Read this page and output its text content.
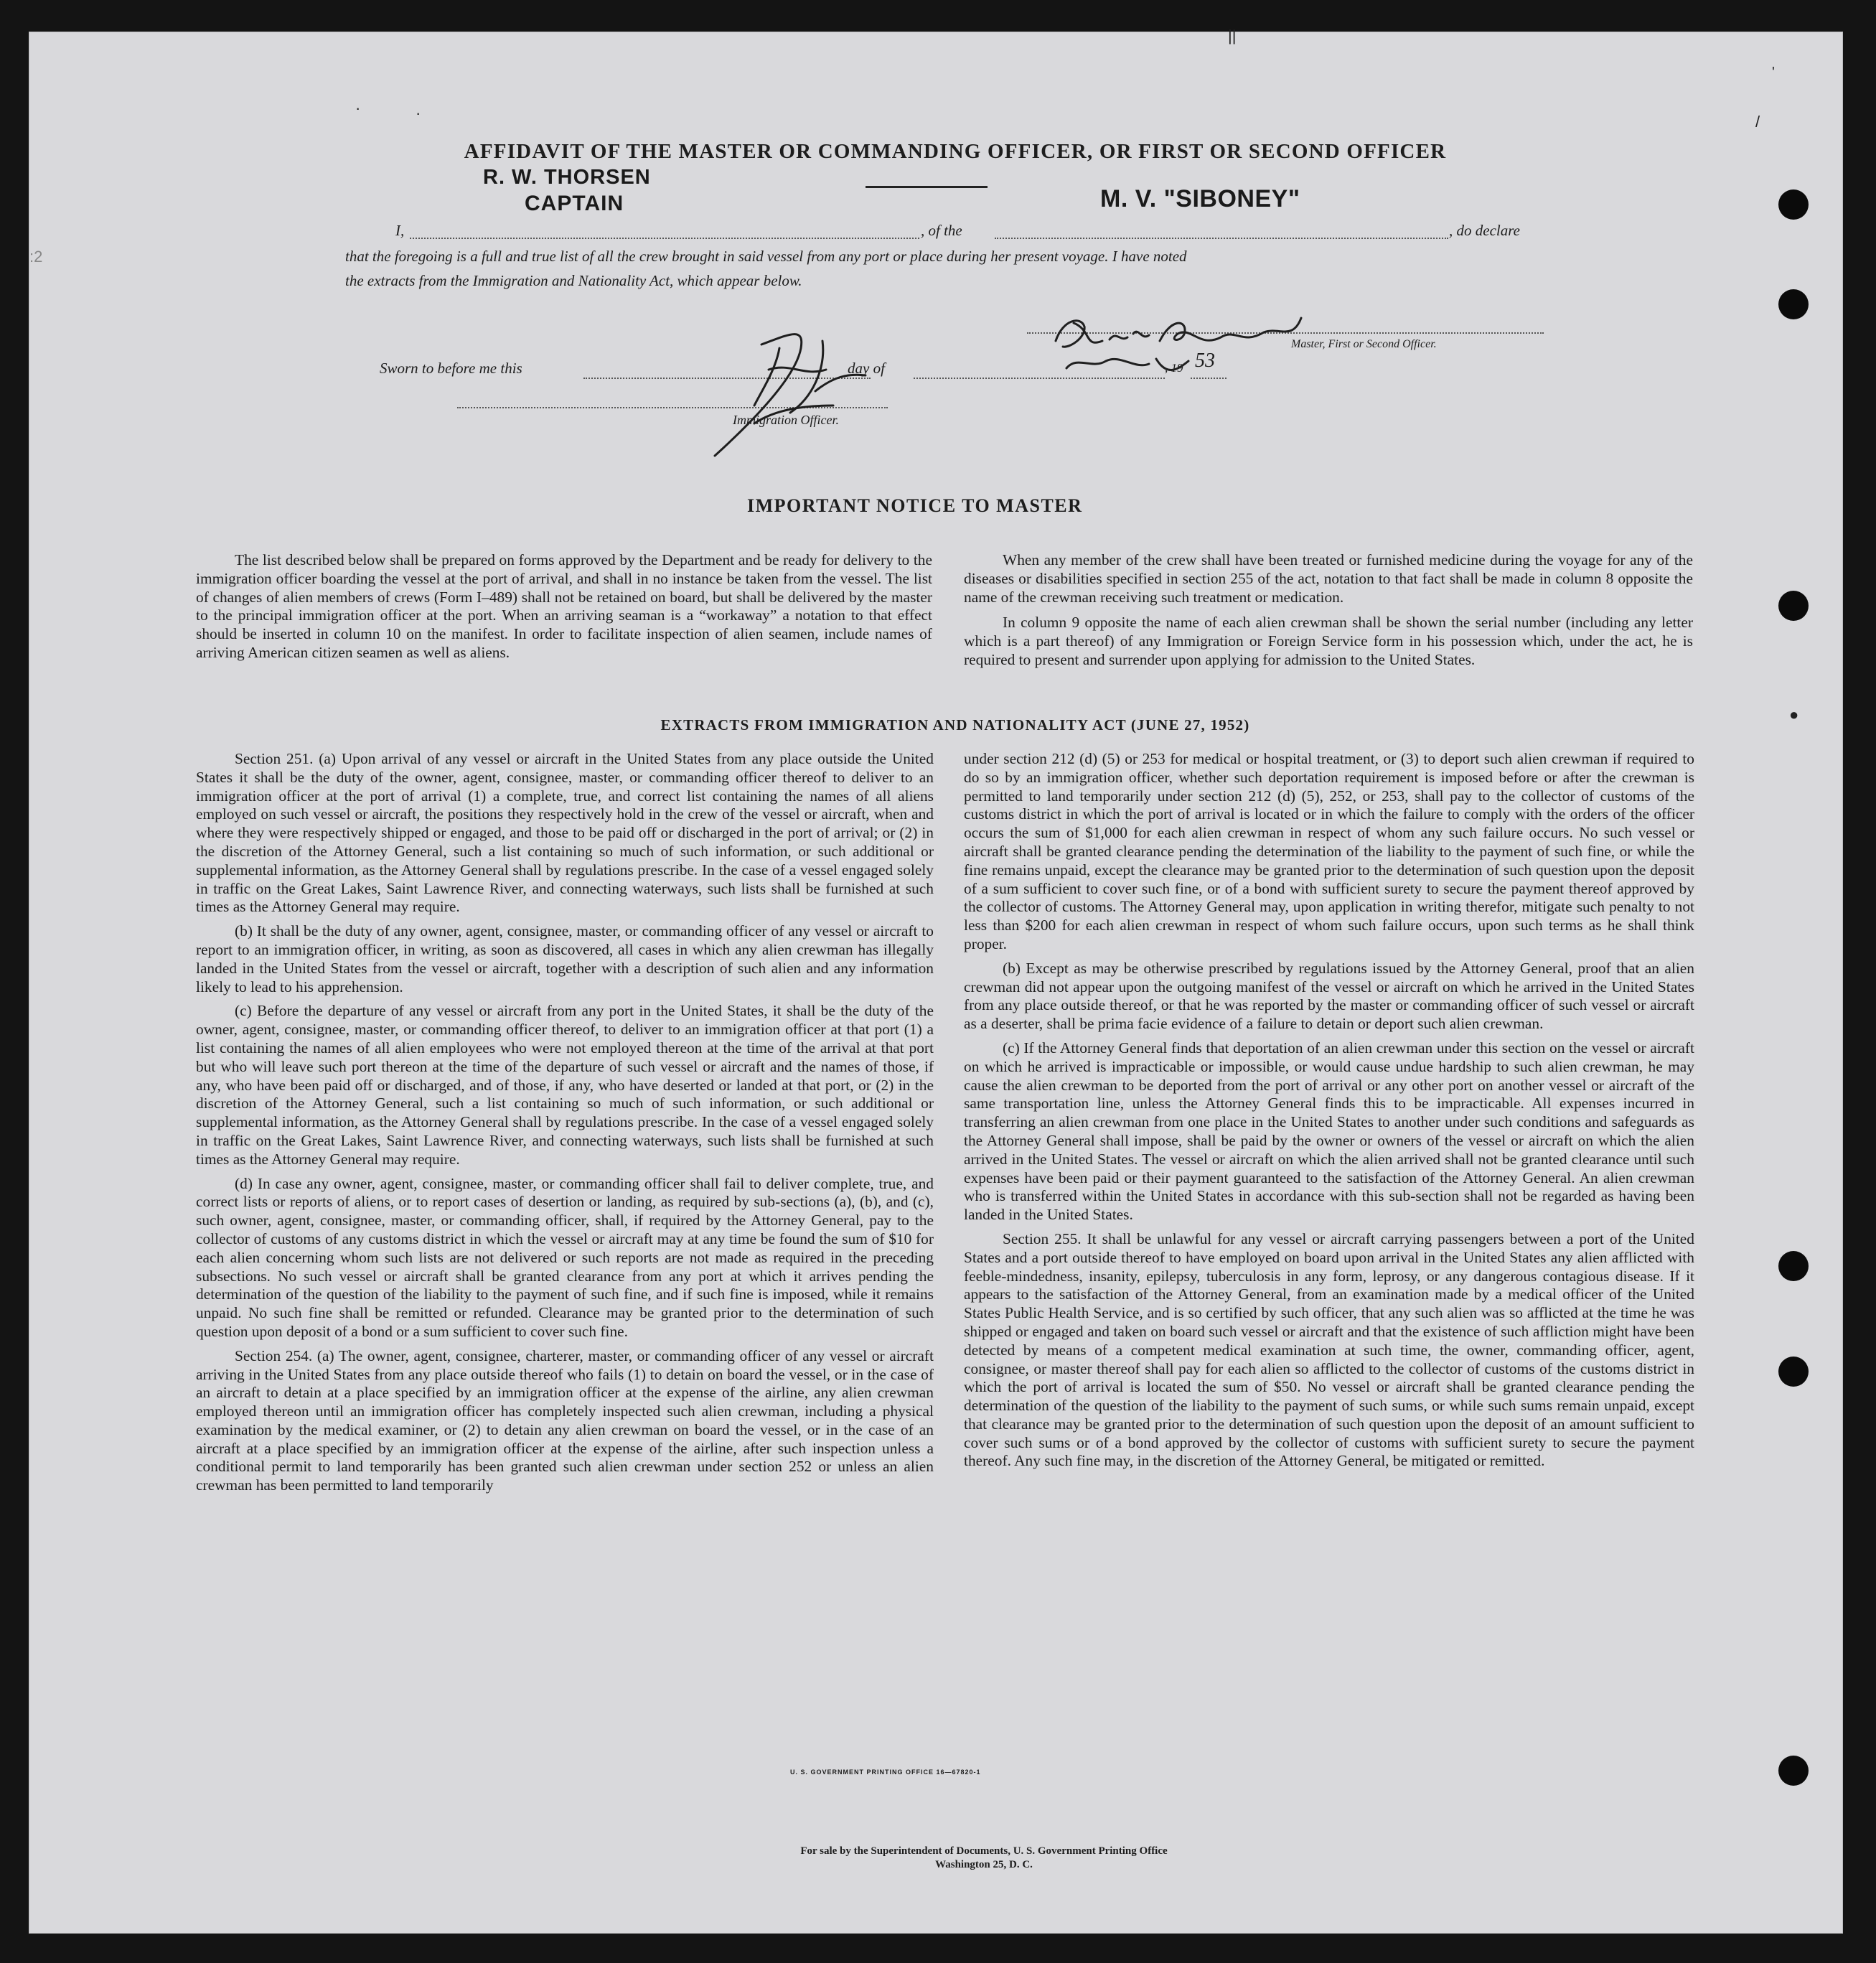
||
'
/
·	·
:2
●
AFFIDAVIT OF THE MASTER OR COMMANDING OFFICER, OR FIRST OR SECOND OFFICER
R. W. THORSEN
CAPTAIN	M. V. "SIBONEY"
I,	, of the	, do declare
that the foregoing is a full and true list of all the crew brought in said vessel from any port or place during her present voyage. I have noted
the extracts from the Immigration and Nationality Act, which appear below.
Master, First or Second Officer.
Sworn to before me this	day of	, 19 53
Immigration Officer.
IMPORTANT NOTICE TO MASTER

The list described below shall be prepared on forms approved by the Department and be ready for delivery to the immigration officer boarding the vessel at the port of arrival, and shall in no instance be taken from the vessel. The list of changes of alien members of crews (Form I–489) shall not be retained on board, but shall be delivered by the master to the principal immigration officer at the port. When an arriving seaman is a “workaway” a notation to that effect should be inserted in column 10 on the manifest. In order to facilitate inspection of alien seamen, include names of arriving American citizen seamen as well as aliens.

When any member of the crew shall have been treated or furnished medicine during the voyage for any of the diseases or disabilities specified in section 255 of the act, notation to that fact shall be made in column 8 opposite the name of the crewman receiving such treatment or medication.

In column 9 opposite the name of each alien crewman shall be shown the serial number (including any letter which is a part thereof) of any Immigration or Foreign Service form in his possession which, under the act, he is required to present and surrender upon applying for admission to the United States.

EXTRACTS FROM IMMIGRATION AND NATIONALITY ACT (JUNE 27, 1952)

Section 251. (a) Upon arrival of any vessel or aircraft in the United States from any place outside the United States it shall be the duty of the owner, agent, consignee, master, or commanding officer thereof to deliver to an immigration officer at the port of arrival (1) a complete, true, and correct list containing the names of all aliens employed on such vessel or aircraft, the positions they respectively hold in the crew of the vessel or aircraft, when and where they were respectively shipped or engaged, and those to be paid off or discharged in the port of arrival; or (2) in the discretion of the Attorney General, such a list containing so much of such information, or such additional or supplemental information, as the Attorney General shall by regulations prescribe. In the case of a vessel engaged solely in traffic on the Great Lakes, Saint Lawrence River, and connecting waterways, such lists shall be furnished at such times as the Attorney General may require.

(b) It shall be the duty of any owner, agent, consignee, master, or commanding officer of any vessel or aircraft to report to an immigration officer, in writing, as soon as discovered, all cases in which any alien crewman has illegally landed in the United States from the vessel or aircraft, together with a description of such alien and any information likely to lead to his apprehension.

(c) Before the departure of any vessel or aircraft from any port in the United States, it shall be the duty of the owner, agent, consignee, master, or commanding officer thereof, to deliver to an immigration officer at that port (1) a list containing the names of all alien employees who were not employed thereon at the time of the arrival at that port but who will leave such port thereon at the time of the departure of such vessel or aircraft and the names of those, if any, who have been paid off or discharged, and of those, if any, who have deserted or landed at that port, or (2) in the discretion of the Attorney General, such a list containing so much of such information, or such additional or supplemental information, as the Attorney General shall by regulations prescribe. In the case of a vessel engaged solely in traffic on the Great Lakes, Saint Lawrence River, and connecting waterways, such lists shall be furnished at such times as the Attorney General may require.

(d) In case any owner, agent, consignee, master, or commanding officer shall fail to deliver complete, true, and correct lists or reports of aliens, or to report cases of desertion or landing, as required by sub-sections (a), (b), and (c), such owner, agent, consignee, master, or commanding officer, shall, if required by the Attorney General, pay to the collector of customs of any customs district in which the vessel or aircraft may at any time be found the sum of $10 for each alien concerning whom such lists are not delivered or such reports are not made as required in the preceding subsections. No such vessel or aircraft shall be granted clearance from any port at which it arrives pending the determination of the question of the liability to the payment of such fine, and if such fine is imposed, while it remains unpaid. No such fine shall be remitted or refunded. Clearance may be granted prior to the determination of such question upon deposit of a bond or a sum sufficient to cover such fine.

Section 254. (a) The owner, agent, consignee, charterer, master, or commanding officer of any vessel or aircraft arriving in the United States from any place outside thereof who fails (1) to detain on board the vessel, or in the case of an aircraft to detain at a place specified by an immigration officer at the expense of the airline, any alien crewman employed thereon until an immigration officer has completely inspected such alien crewman, including a physical examination by the medical examiner, or (2) to detain any alien crewman on board the vessel, or in the case of an aircraft at a place specified by an immigration officer at the expense of the airline, after such inspection unless a conditional permit to land temporarily has been granted such alien crewman under section 252 or unless an alien crewman has been permitted to land temporarily

under section 212 (d) (5) or 253 for medical or hospital treatment, or (3) to deport such alien crewman if required to do so by an immigration officer, whether such deportation requirement is imposed before or after the crewman is permitted to land temporarily under section 212 (d) (5), 252, or 253, shall pay to the collector of customs of the customs district in which the port of arrival is located or in which the failure to comply with the orders of the officer occurs the sum of $1,000 for each alien crewman in respect of whom any such failure occurs. No such vessel or aircraft shall be granted clearance pending the determination of the liability to the payment of such fine, or while the fine remains unpaid, except the clearance may be granted prior to the determination of such question upon the deposit of a sum sufficient to cover such fine, or of a bond with sufficient surety to secure the payment thereof approved by the collector of customs. The Attorney General may, upon application in writing therefor, mitigate such penalty to not less than $200 for each alien crewman in respect of whom such failure occurs, upon such terms as he shall think proper.

(b) Except as may be otherwise prescribed by regulations issued by the Attorney General, proof that an alien crewman did not appear upon the outgoing manifest of the vessel or aircraft on which he arrived in the United States from any place outside thereof, or that he was reported by the master or commanding officer of such vessel or aircraft as a deserter, shall be prima facie evidence of a failure to detain or deport such alien crewman.

(c) If the Attorney General finds that deportation of an alien crewman under this section on the vessel or aircraft on which he arrived is impracticable or impossible, or would cause undue hardship to such alien crewman, he may cause the alien crewman to be deported from the port of arrival or any other port on another vessel or aircraft of the same transportation line, unless the Attorney General finds this to be impracticable. All expenses incurred in transferring an alien crewman from one place in the United States to another under such conditions and safeguards as the Attorney General shall impose, shall be paid by the owner or owners of the vessel or aircraft on which the alien arrived in the United States. The vessel or aircraft on which the alien arrived shall not be granted clearance until such expenses have been paid or their payment guaranteed to the satisfaction of the Attorney General. An alien crewman who is transferred within the United States in accordance with this sub-section shall not be regarded as having been landed in the United States.

Section 255. It shall be unlawful for any vessel or aircraft carrying passengers between a port of the United States and a port outside thereof to have employed on board upon arrival in the United States any alien afflicted with feeble-mindedness, insanity, epilepsy, tuberculosis in any form, leprosy, or any dangerous contagious disease. If it appears to the satisfaction of the Attorney General, from an examination made by a medical officer of the United States Public Health Service, and is so certified by such officer, that any such alien was so afflicted at the time he was shipped or engaged and taken on board such vessel or aircraft and that the existence of such affliction might have been detected by means of a competent medical examination at such time, the owner, commanding officer, agent, consignee, or master thereof shall pay for each alien so afflicted to the collector of customs of the customs district in which the port of arrival is located the sum of $50. No vessel or aircraft shall be granted clearance pending the determination of the question of the liability to the payment of such sums, or while such sums remain unpaid, except that clearance may be granted prior to the determination of such question upon the deposit of an amount sufficient to cover such sums or of a bond approved by the collector of customs with sufficient surety to secure the payment thereof. Any such fine may, in the discretion of the Attorney General, be mitigated or remitted.

U. S. GOVERNMENT PRINTING OFFICE 16—67820-1
For sale by the Superintendent of Documents, U. S. Government Printing Office
Washington 25, D. C.
